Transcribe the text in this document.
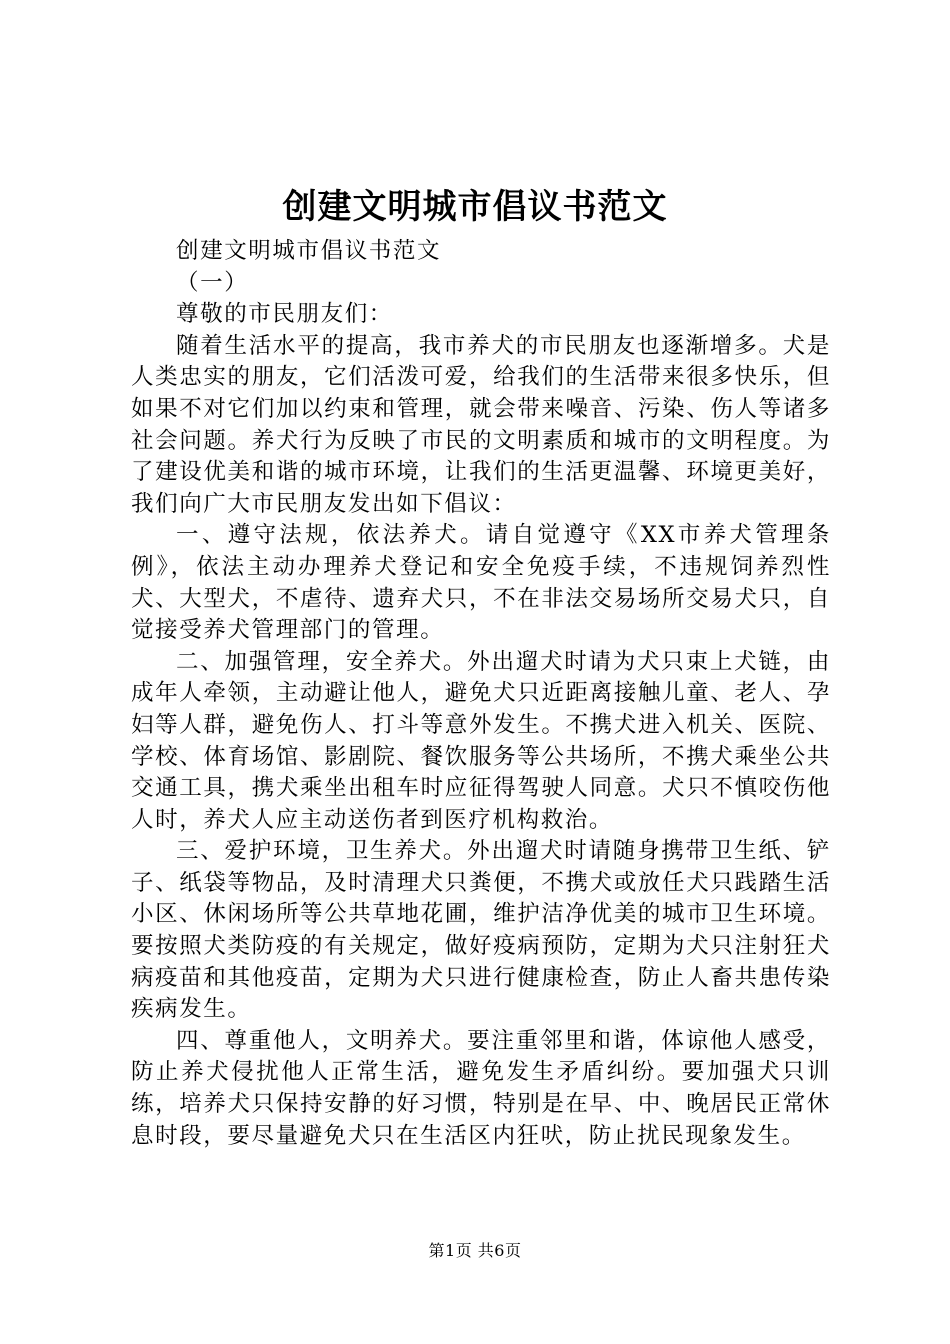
创建文明城市倡议书范文

创建文明城市倡议书范文

（一）

尊敬的市民朋友们：

随着生活水平的提高，我市养犬的市民朋友也逐渐增多。犬是人类忠实的朋友，它们活泼可爱，给我们的生活带来很多快乐，但如果不对它们加以约束和管理，就会带来噪音、污染、伤人等诸多社会问题。养犬行为反映了市民的文明素质和城市的文明程度。为了建设优美和谐的城市环境，让我们的生活更温馨、环境更美好，我们向广大市民朋友发出如下倡议：

一、遵守法规，依法养犬。请自觉遵守《XX市养犬管理条例》，依法主动办理养犬登记和安全免疫手续，不违规饲养烈性犬、大型犬，不虐待、遗弃犬只，不在非法交易场所交易犬只，自觉接受养犬管理部门的管理。

二、加强管理，安全养犬。外出遛犬时请为犬只束上犬链，由成年人牵领，主动避让他人，避免犬只近距离接触儿童、老人、孕妇等人群，避免伤人、打斗等意外发生。不携犬进入机关、医院、学校、体育场馆、影剧院、餐饮服务等公共场所，不携犬乘坐公共交通工具，携犬乘坐出租车时应征得驾驶人同意。犬只不慎咬伤他人时，养犬人应主动送伤者到医疗机构救治。

三、爱护环境，卫生养犬。外出遛犬时请随身携带卫生纸、铲子、纸袋等物品，及时清理犬只粪便，不携犬或放任犬只践踏生活小区、休闲场所等公共草地花圃，维护洁净优美的城市卫生环境。要按照犬类防疫的有关规定，做好疫病预防，定期为犬只注射狂犬病疫苗和其他疫苗，定期为犬只进行健康检查，防止人畜共患传染疾病发生。

四、尊重他人，文明养犬。要注重邻里和谐，体谅他人感受，防止养犬侵扰他人正常生活，避免发生矛盾纠纷。要加强犬只训练，培养犬只保持安静的好习惯，特别是在早、中、晚居民正常休息时段，要尽量避免犬只在生活区内狂吠，防止扰民现象发生。

第1页 共6页
